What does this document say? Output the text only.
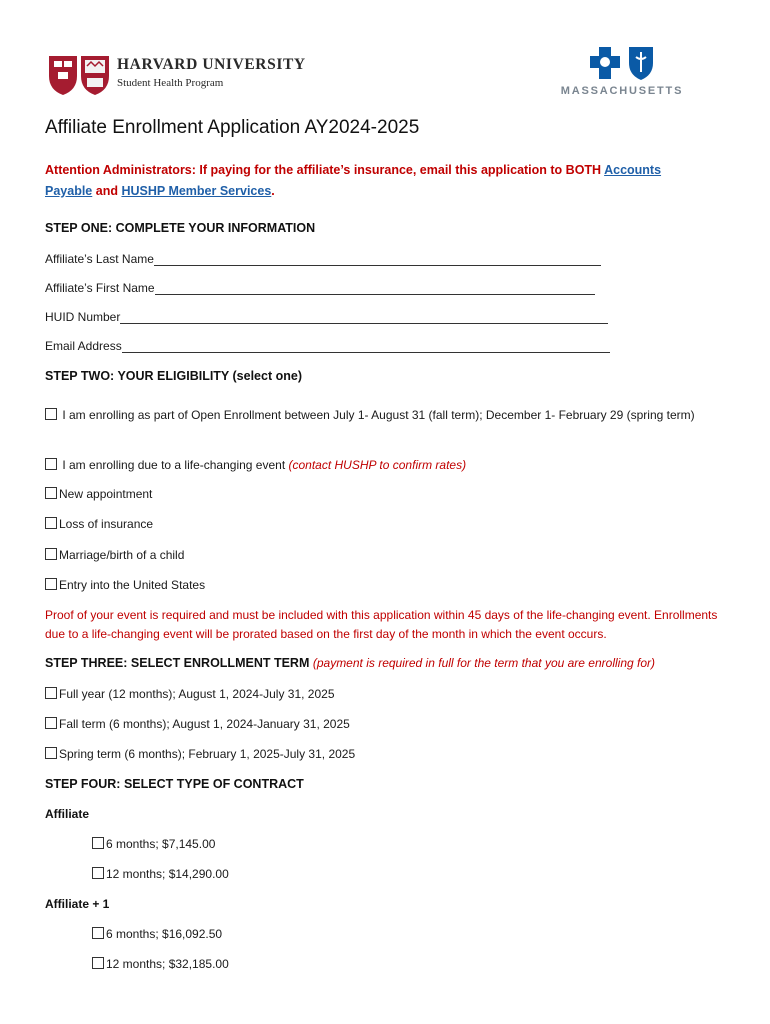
HARVARD UNIVERSITY
Student Health Program
MASSACHUSETTS
Affiliate Enrollment Application AY2024-2025
Attention Administrators: If paying for the affiliate’s insurance, email this application to BOTH Accounts Payable and HUSHP Member Services.
STEP ONE: COMPLETE YOUR INFORMATION
Affiliate’s Last Name
Affiliate’s First Name
HUID Number
Email Address
STEP TWO: YOUR ELIGIBILITY (select one)
I am enrolling as part of Open Enrollment between July 1- August 31 (fall term); December 1- February 29 (spring term)
I am enrolling due to a life-changing event (contact HUSHP to confirm rates)
New appointment
Loss of insurance
Marriage/birth of a child
Entry into the United States
Proof of your event is required and must be included with this application within 45 days of the life-changing event. Enrollments due to a life-changing event will be prorated based on the first day of the month in which the event occurs.
STEP THREE: SELECT ENROLLMENT TERM (payment is required in full for the term that you are enrolling for)
Full year (12 months); August 1, 2024-July 31, 2025
Fall term (6 months); August 1, 2024-January 31, 2025
Spring term (6 months); February 1, 2025-July 31, 2025
STEP FOUR: SELECT TYPE OF CONTRACT
Affiliate
6 months; $7,145.00
12 months; $14,290.00
Affiliate + 1
6 months; $16,092.50
12 months; $32,185.00
